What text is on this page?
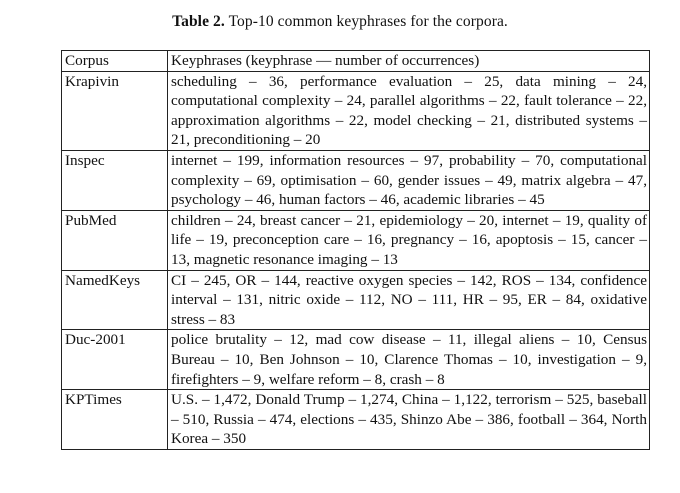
Table 2. Top-10 common keyphrases for the corpora.
Corpus	Keyphrases (keyphrase — number of occurrences)
Krapivin	scheduling – 36, performance evaluation – 25, data mining – 24, computational complexity – 24, parallel algorithms – 22, fault tolerance – 22, approximation algorithms – 22, model checking – 21, distributed systems – 21, preconditioning – 20
Inspec	internet – 199, information resources – 97, probability – 70, computational complexity – 69, optimisation – 60, gender issues – 49, matrix algebra – 47, psychology – 46, human factors – 46, academic libraries – 45
PubMed	children – 24, breast cancer – 21, epidemiology – 20, internet – 19, quality of life – 19, preconception care – 16, pregnancy – 16, apoptosis – 15, cancer – 13, magnetic resonance imaging – 13
NamedKeys	CI – 245, OR – 144, reactive oxygen species – 142, ROS – 134, confidence interval – 131, nitric oxide – 112, NO – 111, HR – 95, ER – 84, oxidative stress – 83
Duc-2001	police brutality – 12, mad cow disease – 11, illegal aliens – 10, Census Bureau – 10, Ben Johnson – 10, Clarence Thomas – 10, investigation – 9, firefighters – 9, welfare reform – 8, crash – 8
KPTimes	U.S. – 1,472, Donald Trump – 1,274, China – 1,122, terrorism – 525, baseball – 510, Russia – 474, elections – 435, Shinzo Abe – 386, football – 364, North Korea – 350
